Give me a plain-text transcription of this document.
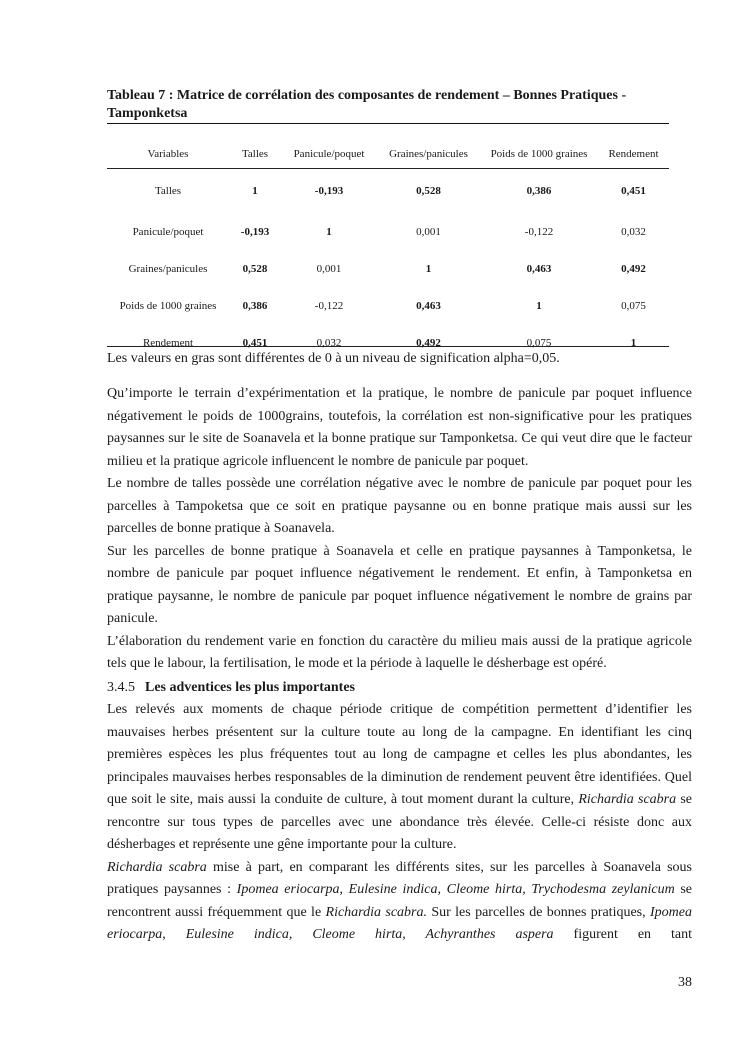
Tableau 7 : Matrice de corrélation des composantes de rendement – Bonnes Pratiques - Tamponketsa
Variables	Talles	Panicule/poquet	Graines/panicules	Poids de 1000 graines	Rendement
Talles	1	-0,193	0,528	0,386	0,451
Panicule/poquet	-0,193	1	0,001	-0,122	0,032
Graines/panicules	0,528	0,001	1	0,463	0,492
Poids de 1000 graines	0,386	-0,122	0,463	1	0,075
Rendement	0,451	0,032	0,492	0,075	1
Les valeurs en gras sont différentes de 0 à un niveau de signification alpha=0,05.

Qu’importe le terrain d’expérimentation et la pratique, le nombre de panicule par poquet influence négativement le poids de 1000grains, toutefois, la corrélation est non-significative pour les pratiques paysannes sur le site de Soanavela et la bonne pratique sur Tamponketsa. Ce qui veut dire que le facteur milieu et la pratique agricole influencent le nombre de panicule par poquet.

Le nombre de talles possède une corrélation négative avec le nombre de panicule par poquet pour les parcelles à Tampoketsa que ce soit en pratique paysanne ou en bonne pratique mais aussi sur les parcelles de bonne pratique à Soanavela.

Sur les parcelles de bonne pratique à Soanavela et celle en pratique paysannes à Tamponketsa, le nombre de panicule par poquet influence négativement le rendement. Et enfin, à Tamponketsa en pratique paysanne, le nombre de panicule par poquet influence négativement le nombre de grains par panicule.

L’élaboration du rendement varie en fonction du caractère du milieu mais aussi de la pratique agricole tels que le labour, la fertilisation, le mode et la période à laquelle le désherbage est opéré.

3.4.5 Les adventices les plus importantes

Les relevés aux moments de chaque période critique de compétition permettent d’identifier les mauvaises herbes présentent sur la culture toute au long de la campagne. En identifiant les cinq premières espèces les plus fréquentes tout au long de campagne et celles les plus abondantes, les principales mauvaises herbes responsables de la diminution de rendement peuvent être identifiées. Quel que soit le site, mais aussi la conduite de culture, à tout moment durant la culture, Richardia scabra se rencontre sur tous types de parcelles avec une abondance très élevée. Celle-ci résiste donc aux désherbages et représente une gêne importante pour la culture.

Richardia scabra mise à part, en comparant les différents sites, sur les parcelles à Soanavela sous pratiques paysannes : Ipomea eriocarpa, Eulesine indica, Cleome hirta, Trychodesma zeylanicum se rencontrent aussi fréquemment que le Richardia scabra. Sur les parcelles de bonnes pratiques, Ipomea eriocarpa, Eulesine indica, Cleome hirta, Achyranthes aspera figurent en tant

38
